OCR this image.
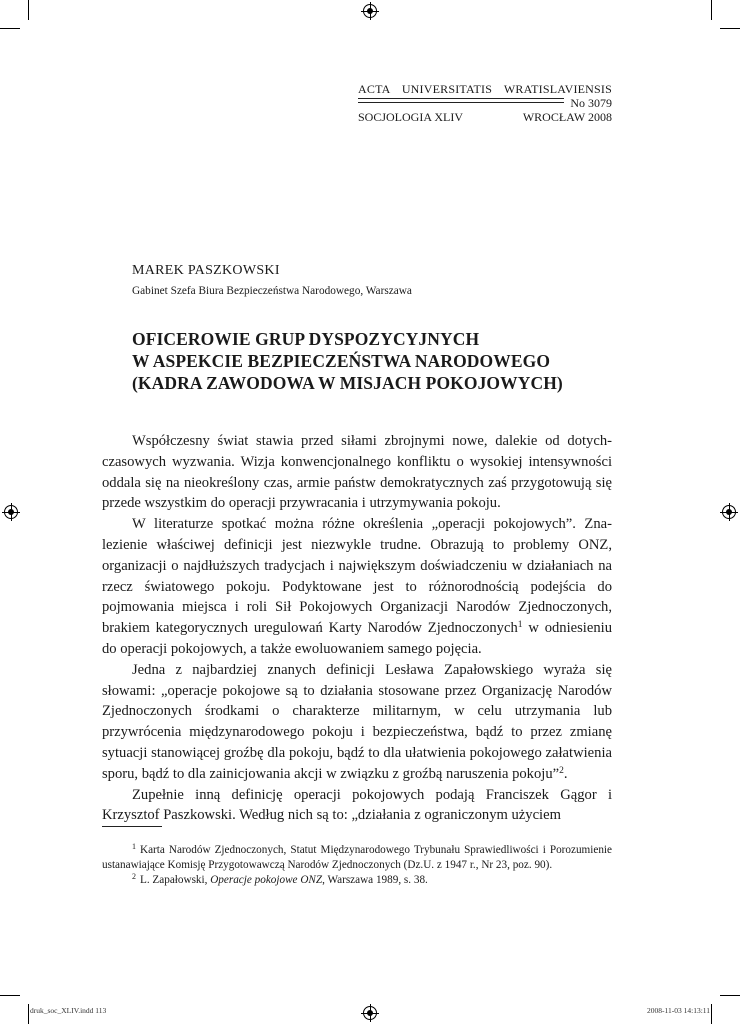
ACTA UNIVERSITATIS WRATISLAVIENSIS
No 3079
SOCJOLOGIA XLIV	WROCŁAW 2008
MAREK PASZKOWSKI
Gabinet Szefa Biura Bezpieczeństwa Narodowego, Warszawa
OFICEROWIE GRUP DYSPOZYCYJNYCH
W ASPEKCIE BEZPIECZEŃSTWA NARODOWEGO
(KADRA ZAWODOWA W MISJACH POKOJOWYCH)

Współczesny świat stawia przed siłami zbrojnymi nowe, dalekie od dotychczasowych wyzwania. Wizja konwencjonalnego konfliktu o wysokiej intensywności oddala się na nieokreślony czas, armie państw demokratycznych zaś przygotowują się przede wszystkim do operacji przywracania i utrzymywania pokoju.

W literaturze spotkać można różne określenia „operacji pokojowych”. Znalezienie właściwej definicji jest niezwykle trudne. Obrazują to problemy ONZ, organizacji o najdłuższych tradycjach i największym doświadczeniu w działaniach na rzecz światowego pokoju. Podyktowane jest to różnorodnością podejścia do pojmowania miejsca i roli Sił Pokojowych Organizacji Narodów Zjednoczonych, brakiem kategorycznych uregulowań Karty Narodów Zjednoczonych$^1$ w odniesieniu do operacji pokojowych, a także ewoluowaniem samego pojęcia.

Jedna z najbardziej znanych definicji Lesława Zapałowskiego wyraża się słowami: „operacje pokojowe są to działania stosowane przez Organizację Narodów Zjednoczonych środkami o charakterze militarnym, w celu utrzymania lub przywrócenia międzynarodowego pokoju i bezpieczeństwa, bądź to przez zmianę sytuacji stanowiącej groźbę dla pokoju, bądź to dla ułatwienia pokojowego załatwienia sporu, bądź to dla zainicjowania akcji w związku z groźbą naruszenia pokoju”$^2$.

Zupełnie inną definicję operacji pokojowych podają Franciszek Gągor i Krzysztof Paszkowski. Według nich są to: „działania z ograniczonym użyciem

$^1$ Karta Narodów Zjednoczonych, Statut Międzynarodowego Trybunału Sprawiedliwości i Porozumienie ustanawiające Komisję Przygotowawczą Narodów Zjednoczonych (Dz.U. z 1947 r., Nr 23, poz. 90).

$^2$ L. Zapałowski, Operacje pokojowe ONZ, Warszawa 1989, s. 38.

druk_soc_XLIV.indd 113	2008-11-03 14:13:11
